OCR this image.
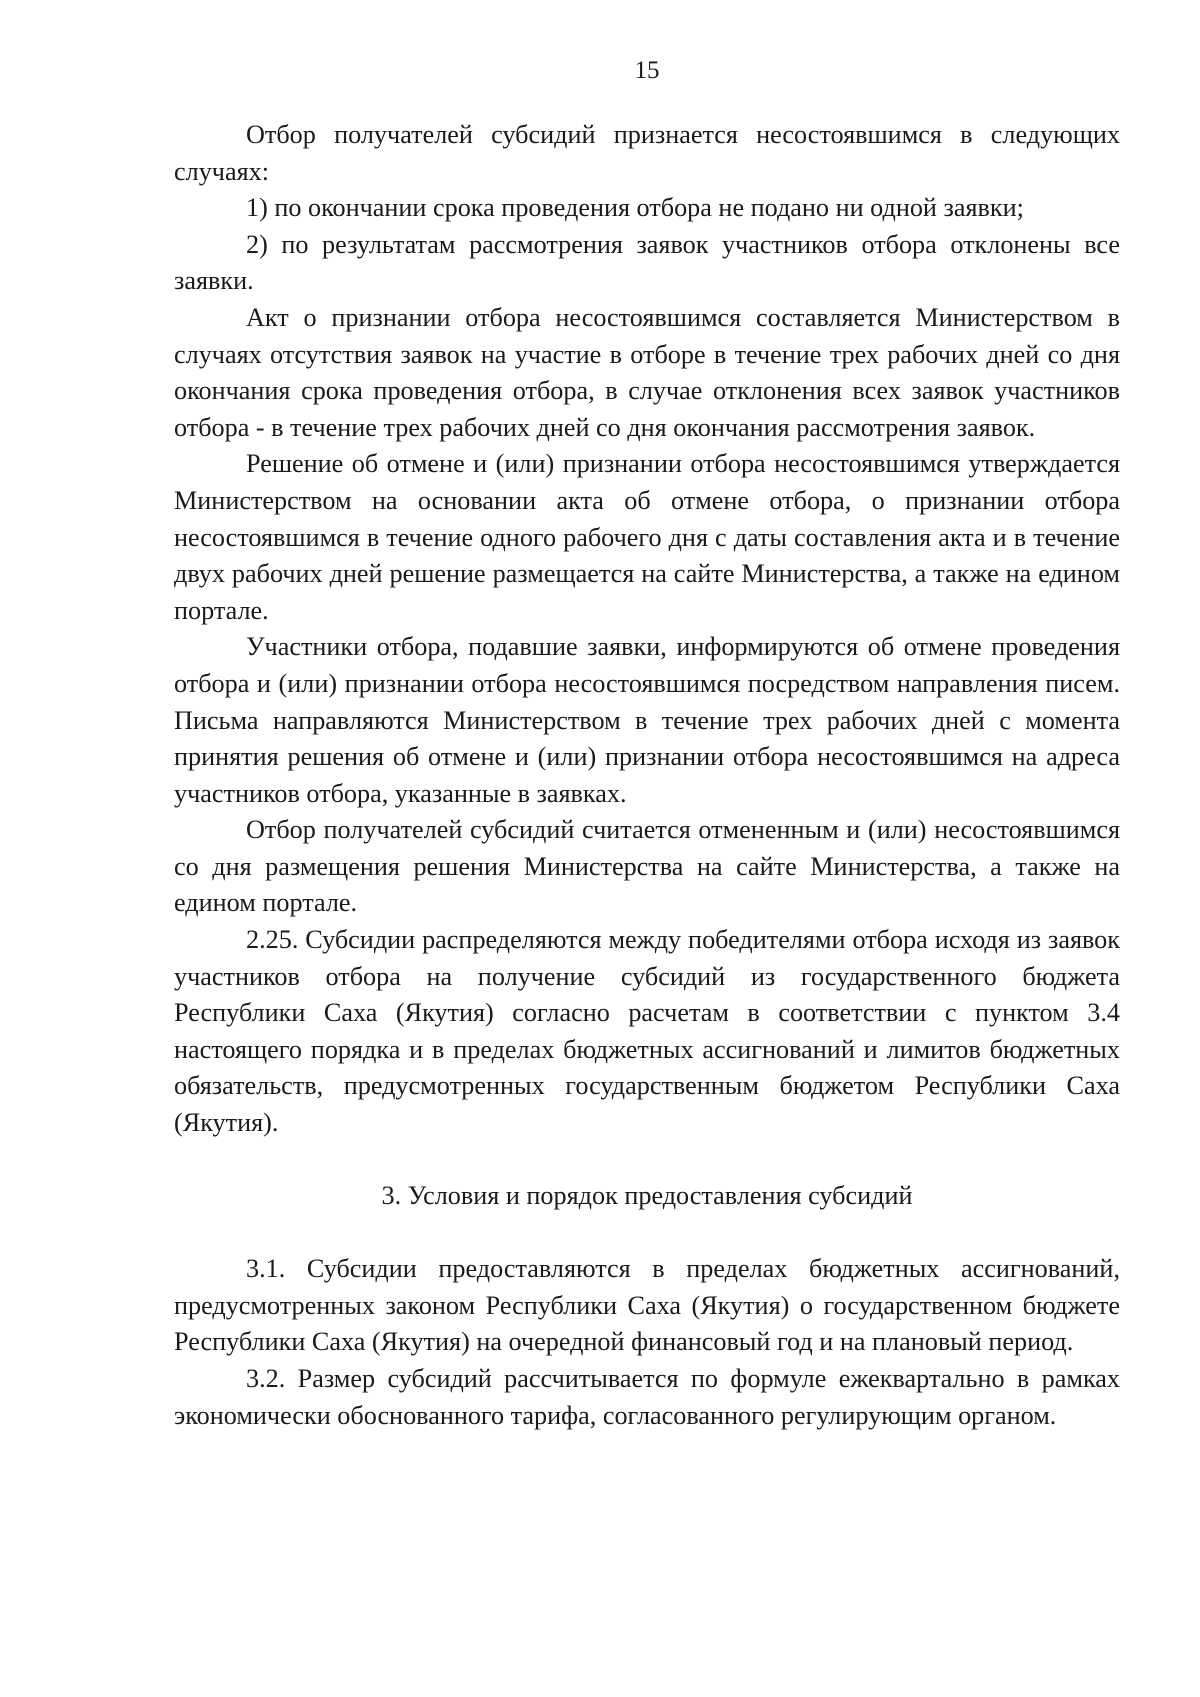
15

Отбор получателей субсидий признается несостоявшимся в следующих случаях:

1) по окончании срока проведения отбора не подано ни одной заявки;

2) по результатам рассмотрения заявок участников отбора отклонены все заявки.

Акт о признании отбора несостоявшимся составляется Министерством в случаях отсутствия заявок на участие в отборе в течение трех рабочих дней со дня окончания срока проведения отбора, в случае отклонения всех заявок участников отбора - в течение трех рабочих дней со дня окончания рассмотрения заявок.

Решение об отмене и (или) признании отбора несостоявшимся утверждается Министерством на основании акта об отмене отбора, о признании отбора несостоявшимся в течение одного рабочего дня с даты составления акта и в течение двух рабочих дней решение размещается на сайте Министерства, а также на едином портале.

Участники отбора, подавшие заявки, информируются об отмене проведения отбора и (или) признании отбора несостоявшимся посредством направления писем. Письма направляются Министерством в течение трех рабочих дней с момента принятия решения об отмене и (или) признании отбора несостоявшимся на адреса участников отбора, указанные в заявках.

Отбор получателей субсидий считается отмененным и (или) несостоявшимся со дня размещения решения Министерства на сайте Министерства, а также на едином портале.

2.25. Субсидии распределяются между победителями отбора исходя из заявок участников отбора на получение субсидий из государственного бюджета Республики Саха (Якутия) согласно расчетам в соответствии с пунктом 3.4 настоящего порядка и в пределах бюджетных ассигнований и лимитов бюджетных обязательств, предусмотренных государственным бюджетом Республики Саха (Якутия).

3. Условия и порядок предоставления субсидий

3.1. Субсидии предоставляются в пределах бюджетных ассигнований, предусмотренных законом Республики Саха (Якутия) о государственном бюджете Республики Саха (Якутия) на очередной финансовый год и на плановый период.

3.2. Размер субсидий рассчитывается по формуле ежеквартально в рамках экономически обоснованного тарифа, согласованного регулирующим органом.
